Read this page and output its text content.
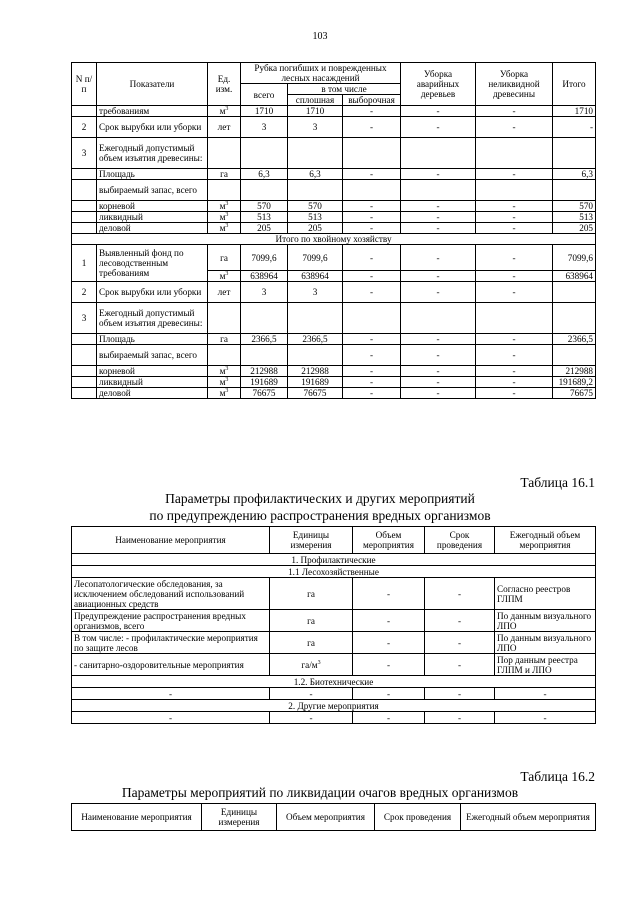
103
N п/п	Показатели	Ед. изм.	Рубка погибших и поврежденных лесных насаждений			Уборка аварийных деревьев	Уборка неликвидной древесины	Итого
			всего	в том числе				
				сплошная	выборочная			
	требованиям	$м^3$	1710	1710	-	-	-	1710
2	Срок вырубки или уборки	лет	3	3	-	-	-	-
3	Ежегодный допустимый объем изъятия древесины:							
	Площадь	га	6,3	6,3	-	-	-	6,3
	выбираемый запас, всего							
	корневой	$м^3$	570	570	-	-	-	570
	ликвидный	$м^3$	513	513	-	-	-	513
	деловой	$м^3$	205	205	-	-	-	205
Итого по хвойному хозяйству								
1	Выявленный фонд по лесоводственным требованиям	га	7099,6	7099,6	-	-	-	7099,6
		$м^3$	638964	638964	-	-	-	638964
2	Срок вырубки или уборки	лет	3	3	-	-	-	
3	Ежегодный допустимый объем изъятия древесины:							
	Площадь	га	2366,5	2366,5	-	-	-	2366,5
	выбираемый запас, всего				-	-	-	
	корневой	$м^3$	212988	212988	-	-	-	212988
	ликвидный	$м^3$	191689	191689	-	-	-	191689,2
	деловой	$м^3$	76675	76675	-	-	-	76675
Таблица 16.1
Параметры профилактических и других мероприятий
по предупреждению распространения вредных организмов
Наименование мероприятия	Единицы измерения	Объем мероприятия	Срок проведения	Ежегодный объем мероприятия
1. Профилактические				
1.1 Лесохозяйственные				
Лесопатологические обследования, за исключением обследований использований авиационных средств	га	-	-	Согласно реестров ГЛПМ
Предупреждение распространения вредных организмов, всего	га	-	-	По данным визуального ЛПО
В том числе: - профилактические мероприятия по защите лесов	га	-	-	По данным визуального ЛПО
- санитарно-оздоровительные мероприятия	$га/м^3$	-	-	Пор данным реестра ГЛПМ и ЛПО
1.2. Биотехнические				
-	-	-	-	-
2. Другие мероприятия				
-	-	-	-	-
Таблица 16.2
Параметры мероприятий по ликвидации очагов вредных организмов
Наименование мероприятия	Единицы измерения	Объем мероприятия	Срок проведения	Ежегодный объем мероприятия
